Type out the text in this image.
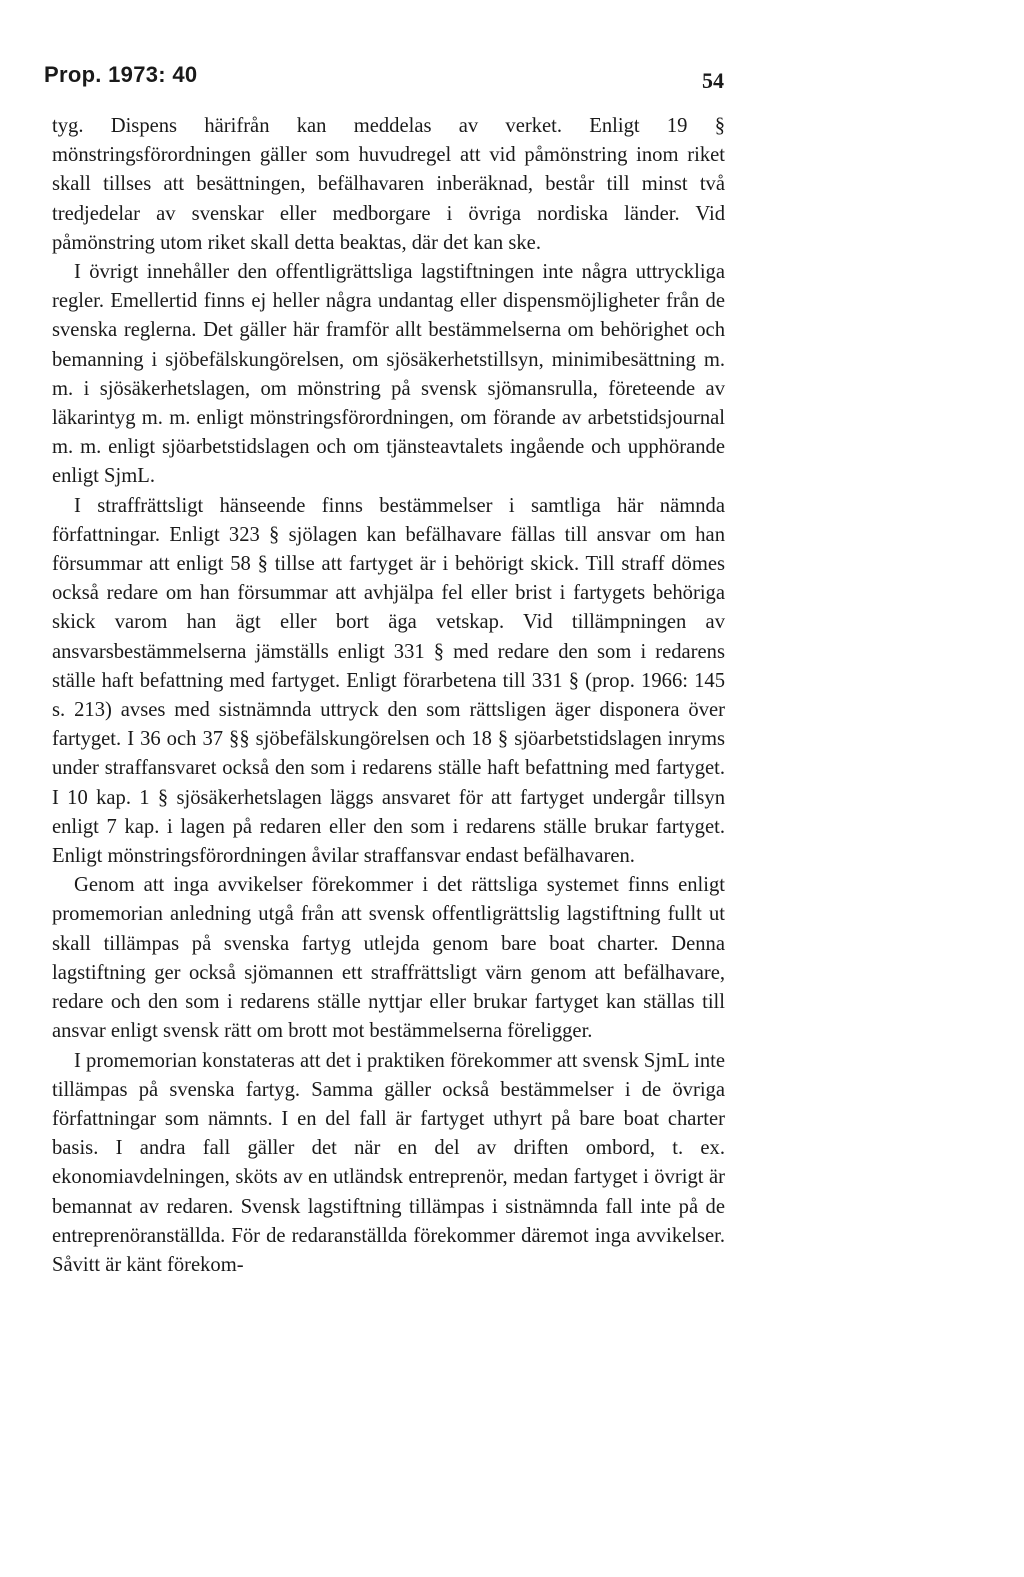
Prop. 1973: 40	54

tyg. Dispens härifrån kan meddelas av verket. Enligt 19 § mönstringsförordningen gäller som huvudregel att vid påmönstring inom riket skall tillses att besättningen, befälhavaren inberäknad, består till minst två tredjedelar av svenskar eller medborgare i övriga nordiska länder. Vid påmönstring utom riket skall detta beaktas, där det kan ske.

I övrigt innehåller den offentligrättsliga lagstiftningen inte några uttryckliga regler. Emellertid finns ej heller några undantag eller dispensmöjligheter från de svenska reglerna. Det gäller här framför allt bestämmelserna om behörighet och bemanning i sjöbefälskungörelsen, om sjösäkerhetstillsyn, minimibesättning m. m. i sjösäkerhetslagen, om mönstring på svensk sjömansrulla, företeende av läkarintyg m. m. enligt mönstringsförordningen, om förande av arbetstidsjournal m. m. enligt sjöarbetstidslagen och om tjänsteavtalets ingående och upphörande enligt SjmL.

I straffrättsligt hänseende finns bestämmelser i samtliga här nämnda författningar. Enligt 323 § sjölagen kan befälhavare fällas till ansvar om han försummar att enligt 58 § tillse att fartyget är i behörigt skick. Till straff dömes också redare om han försummar att avhjälpa fel eller brist i fartygets behöriga skick varom han ägt eller bort äga vetskap. Vid tillämpningen av ansvarsbestämmelserna jämställs enligt 331 § med redare den som i redarens ställe haft befattning med fartyget. Enligt förarbetena till 331 § (prop. 1966: 145 s. 213) avses med sistnämnda uttryck den som rättsligen äger disponera över fartyget. I 36 och 37 §§ sjöbefälskungörelsen och 18 § sjöarbetstidslagen inryms under straffansvaret också den som i redarens ställe haft befattning med fartyget. I 10 kap. 1 § sjösäkerhetslagen läggs ansvaret för att fartyget undergår tillsyn enligt 7 kap. i lagen på redaren eller den som i redarens ställe brukar fartyget. Enligt mönstringsförordningen åvilar straffansvar endast befälhavaren.

Genom att inga avvikelser förekommer i det rättsliga systemet finns enligt promemorian anledning utgå från att svensk offentligrättslig lagstiftning fullt ut skall tillämpas på svenska fartyg utlejda genom bare boat charter. Denna lagstiftning ger också sjömannen ett straffrättsligt värn genom att befälhavare, redare och den som i redarens ställe nyttjar eller brukar fartyget kan ställas till ansvar enligt svensk rätt om brott mot bestämmelserna föreligger.

I promemorian konstateras att det i praktiken förekommer att svensk SjmL inte tillämpas på svenska fartyg. Samma gäller också bestämmelser i de övriga författningar som nämnts. I en del fall är fartyget uthyrt på bare boat charter basis. I andra fall gäller det när en del av driften ombord, t. ex. ekonomiavdelningen, sköts av en utländsk entreprenör, medan fartyget i övrigt är bemannat av redaren. Svensk lagstiftning tillämpas i sistnämnda fall inte på de entreprenöranställda. För de redaranställda förekommer däremot inga avvikelser. Såvitt är känt förekom-
